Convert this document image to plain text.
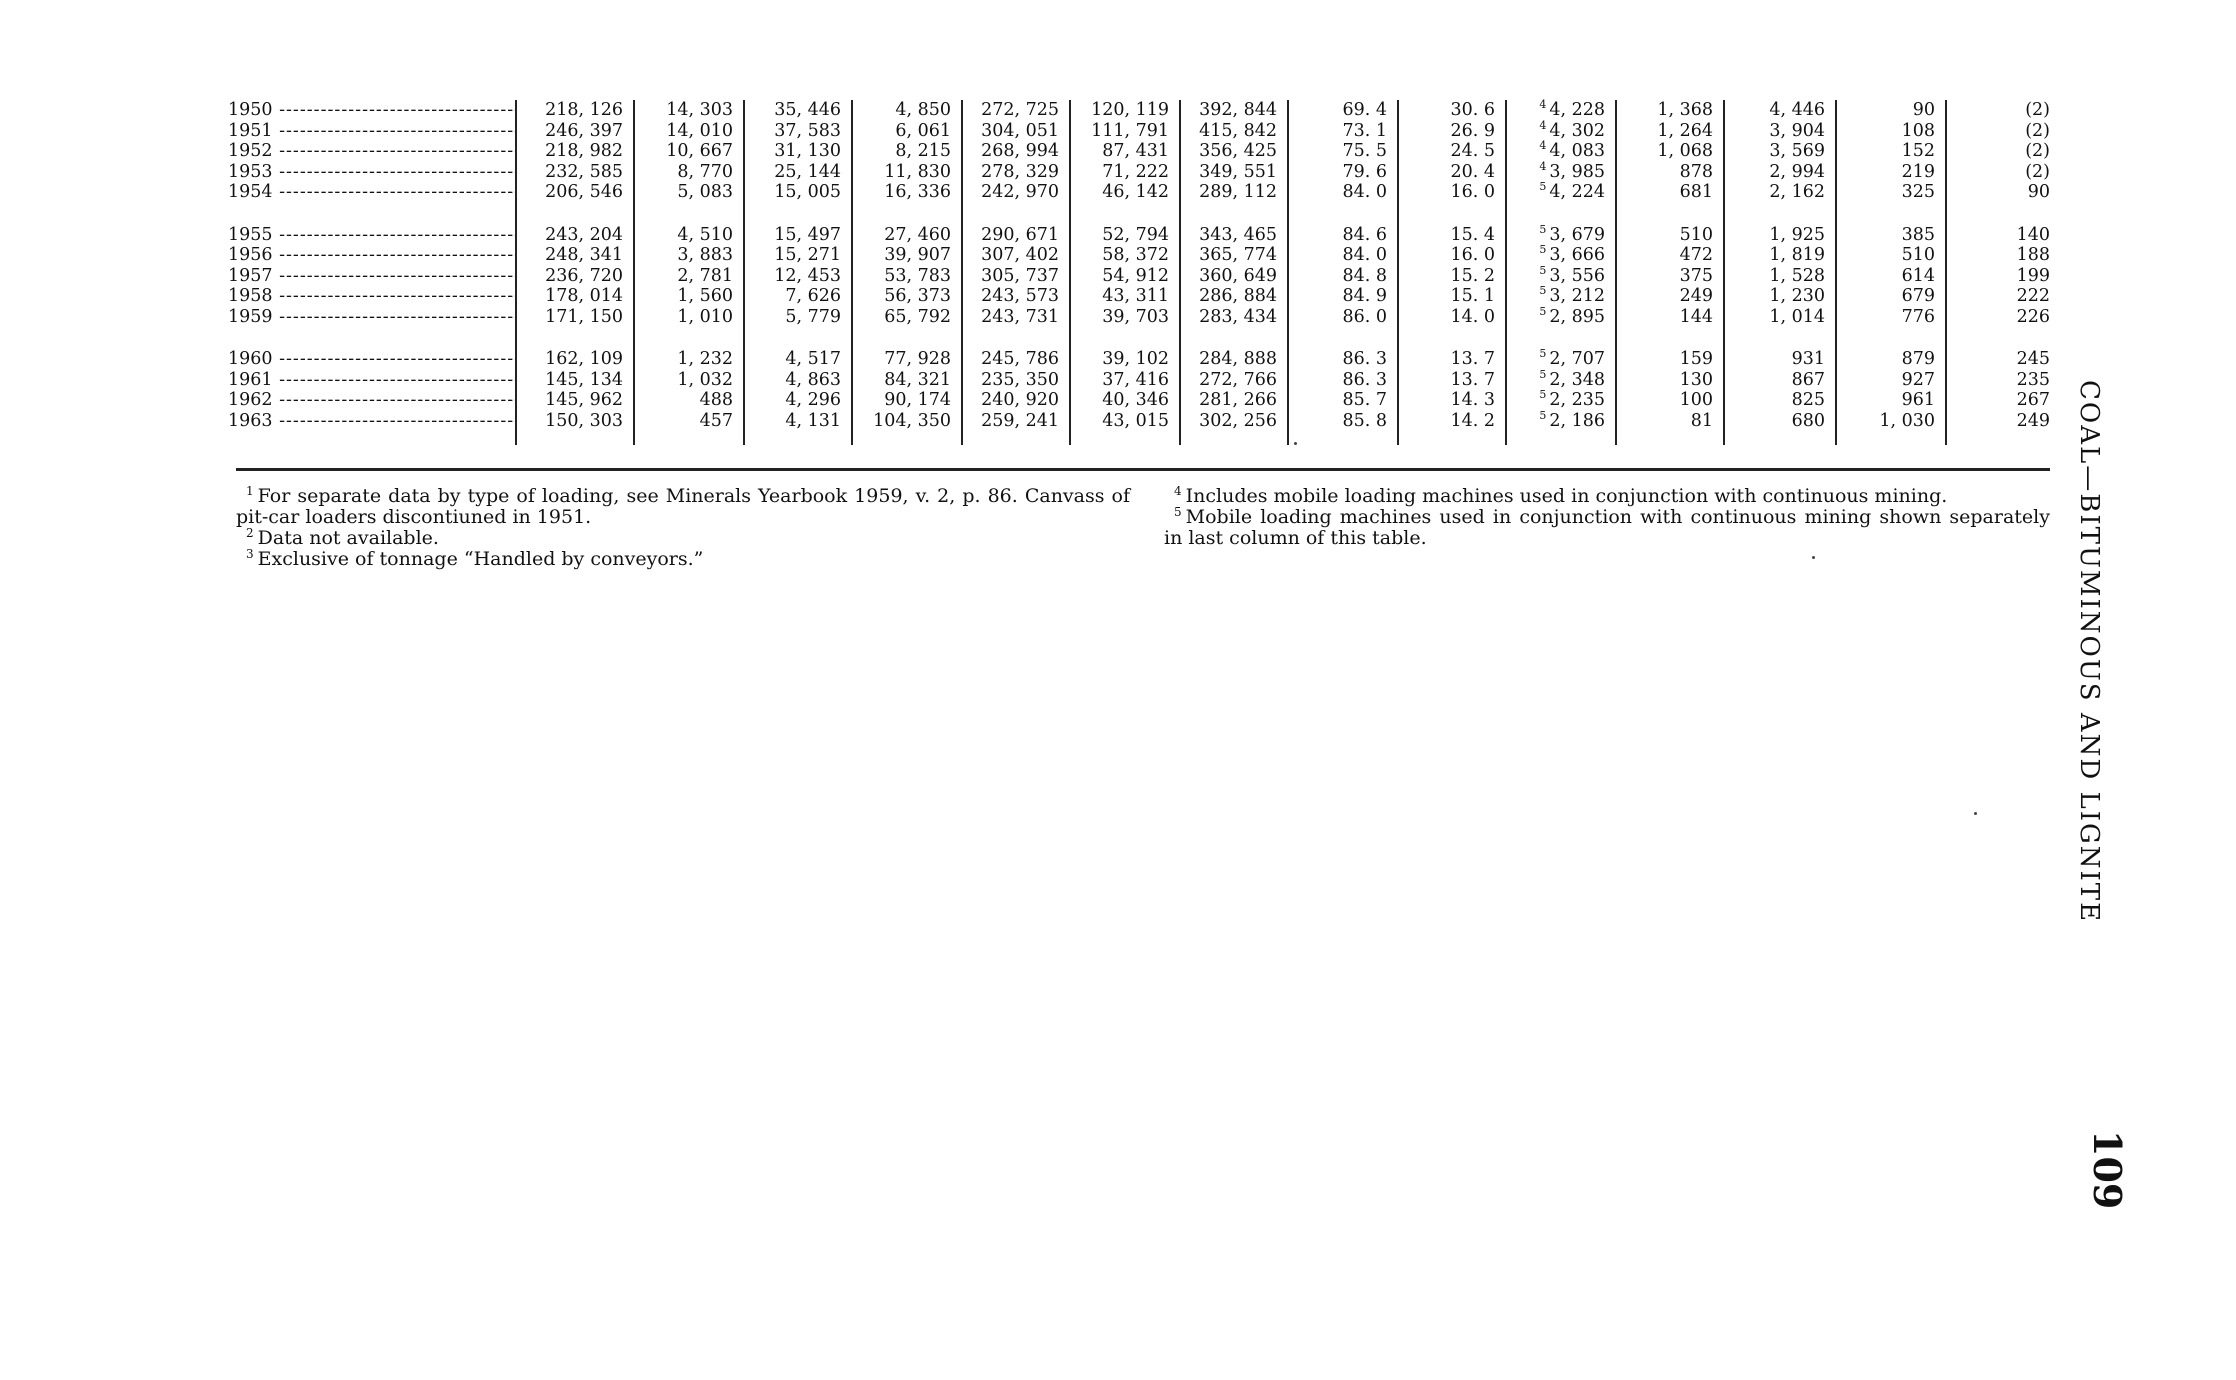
1950 -----	218, 126	14, 303	35, 446	4, 850	272, 725	120, 119	392, 844	69. 4	30. 6	$^4$ 4, 228	1, 368	4, 446	90	(2)
1951 -----	246, 397	14, 010	37, 583	6, 061	304, 051	111, 791	415, 842	73. 1	26. 9	$^4$ 4, 302	1, 264	3, 904	108	(2)
1952 -----	218, 982	10, 667	31, 130	8, 215	268, 994	87, 431	356, 425	75. 5	24. 5	$^4$ 4, 083	1, 068	3, 569	152	(2)
1953 -----	232, 585	8, 770	25, 144	11, 830	278, 329	71, 222	349, 551	79. 6	20. 4	$^4$ 3, 985	878	2, 994	219	(2)
1954 -----	206, 546	5, 083	15, 005	16, 336	242, 970	46, 142	289, 112	84. 0	16. 0	$^5$ 4, 224	681	2, 162	325	90

1955 -----	243, 204	4, 510	15, 497	27, 460	290, 671	52, 794	343, 465	84. 6	15. 4	$^5$ 3, 679	510	1, 925	385	140
1956 -----	248, 341	3, 883	15, 271	39, 907	307, 402	58, 372	365, 774	84. 0	16. 0	$^5$ 3, 666	472	1, 819	510	188
1957 -----	236, 720	2, 781	12, 453	53, 783	305, 737	54, 912	360, 649	84. 8	15. 2	$^5$ 3, 556	375	1, 528	614	199
1958 -----	178, 014	1, 560	7, 626	56, 373	243, 573	43, 311	286, 884	84. 9	15. 1	$^5$ 3, 212	249	1, 230	679	222
1959 -----	171, 150	1, 010	5, 779	65, 792	243, 731	39, 703	283, 434	86. 0	14. 0	$^5$ 2, 895	144	1, 014	776	226

1960 -----	162, 109	1, 232	4, 517	77, 928	245, 786	39, 102	284, 888	86. 3	13. 7	$^5$ 2, 707	159	931	879	245
1961 -----	145, 134	1, 032	4, 863	84, 321	235, 350	37, 416	272, 766	86. 3	13. 7	$^5$ 2, 348	130	867	927	235
1962 -----	145, 962	488	4, 296	90, 174	240, 920	40, 346	281, 266	85. 7	14. 3	$^5$ 2, 235	100	825	961	267
1963 -----	150, 303	457	4, 131	104, 350	259, 241	43, 015	302, 256	85. 8	14. 2	$^5$ 2, 186	81	680	1, 030	249

$^1$ For separate data by type of loading, see Minerals Yearbook 1959, v. 2, p. 86. Canvass of pit-car loaders discontiuned in 1951.

$^2$ Data not available.

$^3$ Exclusive of tonnage “Handled by conveyors.”

$^4$ Includes mobile loading machines used in conjunction with continuous mining.

$^5$ Mobile loading machines used in conjunction with continuous mining shown separately in last column of this table.	COAL—BITUMINOUS AND LIGNITE
109
